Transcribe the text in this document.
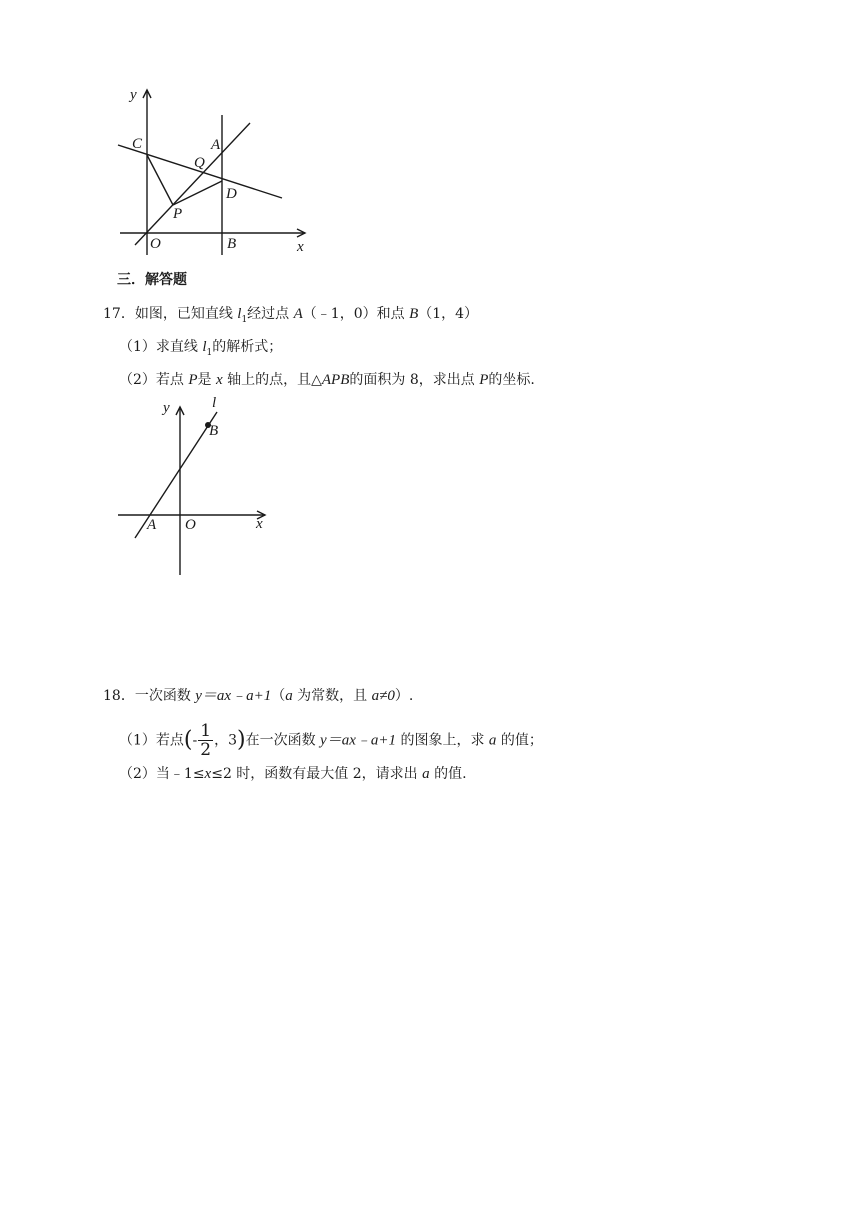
y
x
C	A
Q
D
P
O	B
三．解答题
17．如图，已知直线 $l_1$经过点 A（﹣1，0）和点 B（1，4）
（1）求直线 $l_1$的解析式；
（2）若点 P是 x 轴上的点，且△APB的面积为 8，求出点 P的坐标.
y	l
B
A O	x
18．一次函数 y＝ax﹣a+1（a 为常数，且 a≠0）.
（1）若点(- $\frac{1}{2}$ ，3)在一次函数 y＝ax﹣a+1 的图象上，求 a 的值；
（2）当﹣1≤x≤2 时，函数有最大值 2，请求出 a 的值.
